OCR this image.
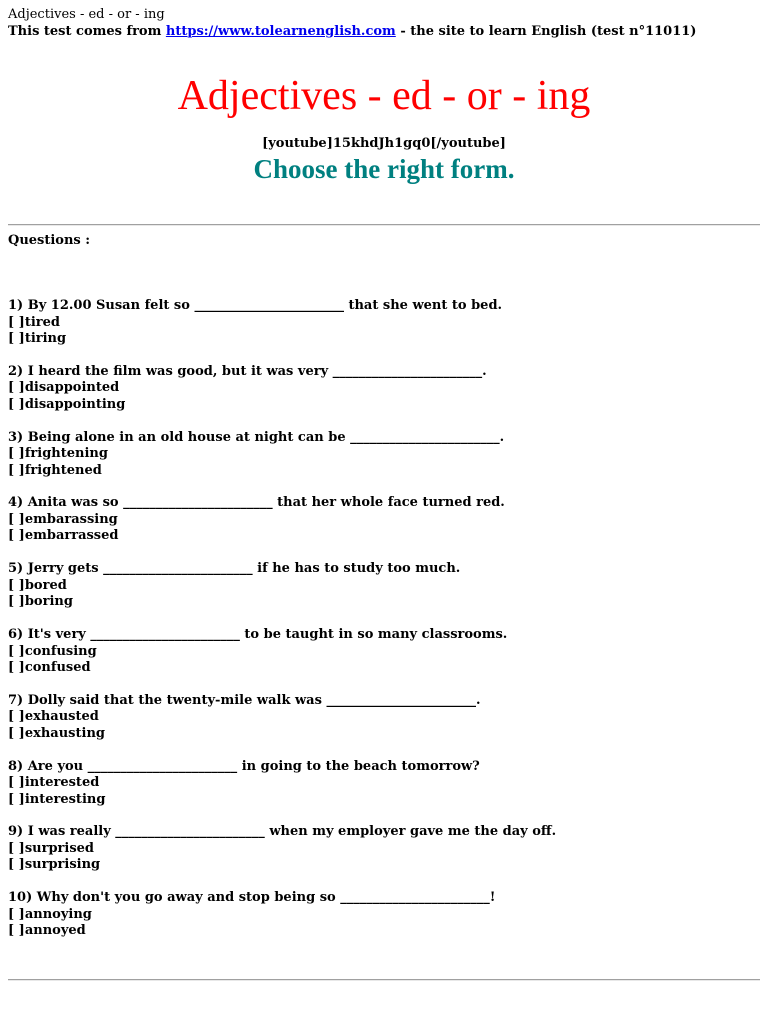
Adjectives - ed - or - ing
This test comes from https://www.tolearnenglish.com - the site to learn English (test n°11011)
Adjectives - ed - or - ing
[youtube]15khdJh1gq0[/youtube]
Choose the right form.
Questions :
1) By 12.00 Susan felt so _______________________ that she went to bed.
[ ]tired
[ ]tiring
2) I heard the film was good, but it was very _______________________.
[ ]disappointed
[ ]disappointing
3) Being alone in an old house at night can be _______________________.
[ ]frightening
[ ]frightened
4) Anita was so _______________________ that her whole face turned red.
[ ]embarassing
[ ]embarrassed
5) Jerry gets _______________________ if he has to study too much.
[ ]bored
[ ]boring
6) It's very _______________________ to be taught in so many classrooms.
[ ]confusing
[ ]confused
7) Dolly said that the twenty-mile walk was _______________________.
[ ]exhausted
[ ]exhausting
8) Are you _______________________ in going to the beach tomorrow?
[ ]interested
[ ]interesting
9) I was really _______________________ when my employer gave me the day off.
[ ]surprised
[ ]surprising
10) Why don't you go away and stop being so _______________________!
[ ]annoying
[ ]annoyed
